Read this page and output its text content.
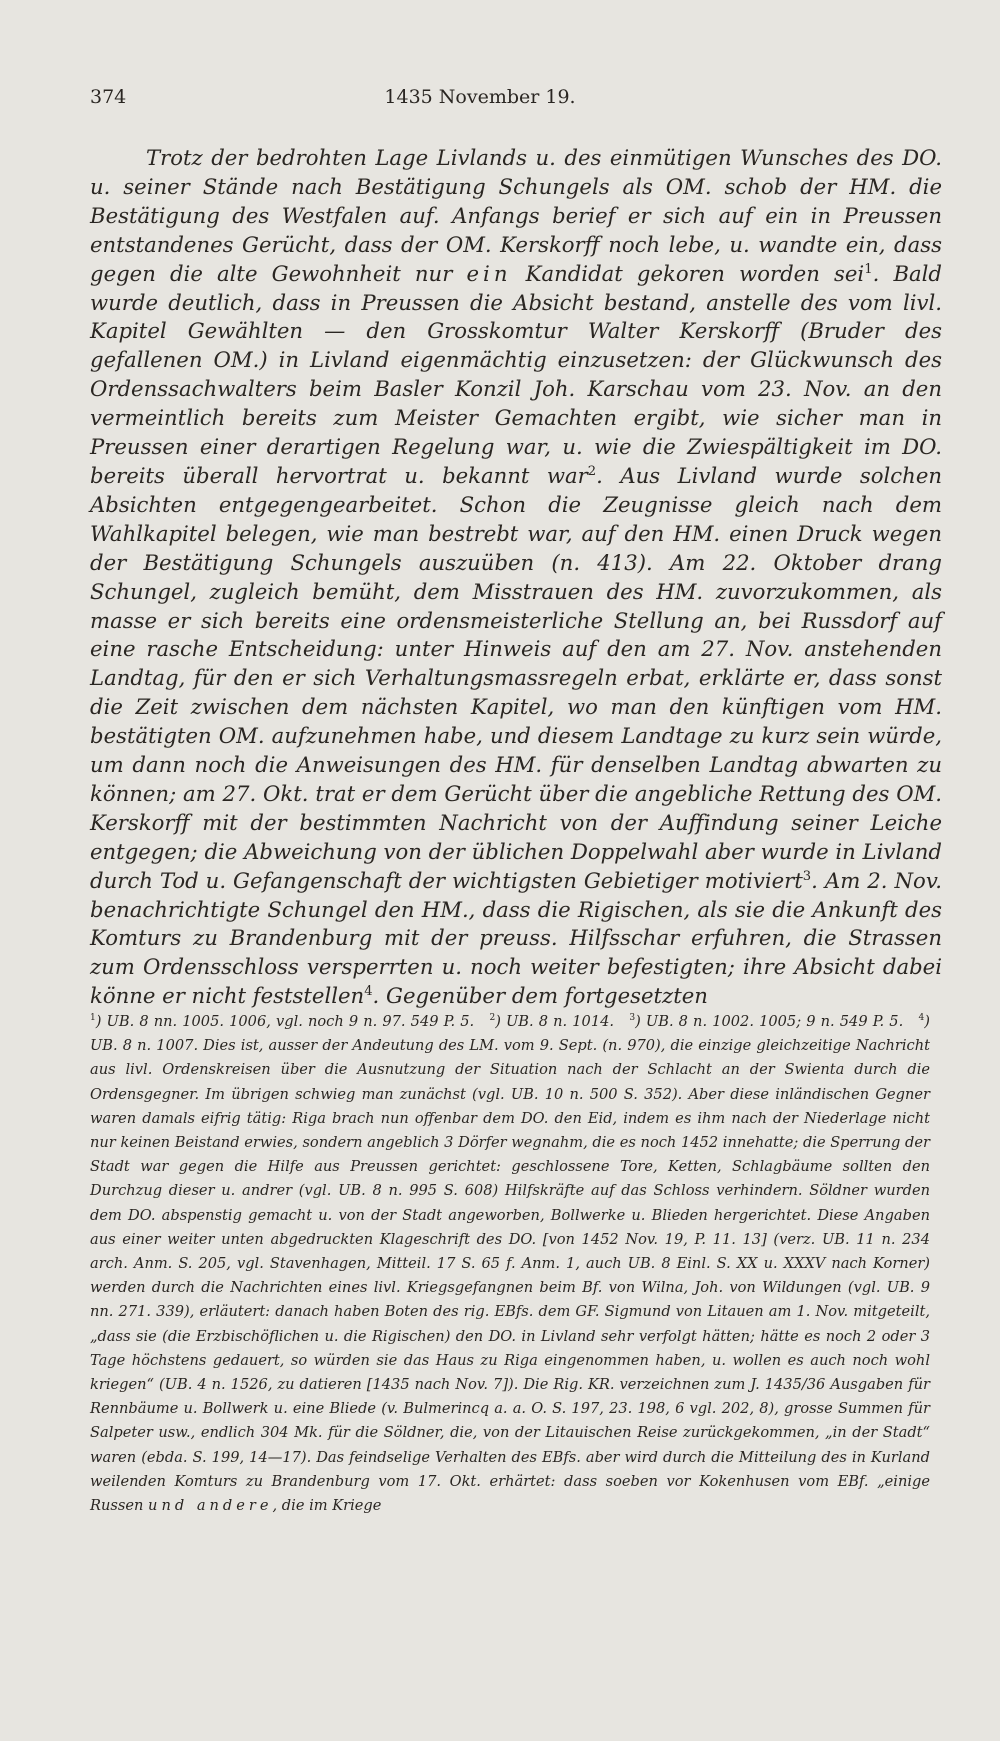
374	1435 November 19.

Trotz der bedrohten Lage Livlands u. des einmütigen Wunsches des DO. u. seiner Stände nach Bestätigung Schungels als OM. schob der HM. die Bestätigung des Westfalen auf. Anfangs berief er sich auf ein in Preussen entstandenes Gerücht, dass der OM. Kerskorff noch lebe, u. wandte ein, dass gegen die alte Gewohnheit nur ein Kandidat gekoren worden sei$^1$. Bald wurde deutlich, dass in Preussen die Absicht bestand, anstelle des vom livl. Kapitel Gewählten — den Grosskomtur Walter Kerskorff (Bruder des gefallenen OM.) in Livland eigenmächtig einzusetzen: der Glückwunsch des Ordenssachwalters beim Basler Konzil Joh. Karschau vom 23. Nov. an den vermeintlich bereits zum Meister Gemachten ergibt, wie sicher man in Preussen einer derartigen Regelung war, u. wie die Zwiespältigkeit im DO. bereits überall hervortrat u. bekannt war$^2$. Aus Livland wurde solchen Absichten entgegengearbeitet. Schon die Zeugnisse gleich nach dem Wahlkapitel belegen, wie man bestrebt war, auf den HM. einen Druck wegen der Bestätigung Schungels auszuüben (n. 413). Am 22. Oktober drang Schungel, zugleich bemüht, dem Misstrauen des HM. zuvorzukommen, als masse er sich bereits eine ordensmeisterliche Stellung an, bei Russdorf auf eine rasche Entscheidung: unter Hinweis auf den am 27. Nov. anstehenden Landtag, für den er sich Verhaltungsmassregeln erbat, erklärte er, dass sonst die Zeit zwischen dem nächsten Kapitel, wo man den künftigen vom HM. bestätigten OM. aufzunehmen habe, und diesem Landtage zu kurz sein würde, um dann noch die Anweisungen des HM. für denselben Landtag abwarten zu können; am 27. Okt. trat er dem Gerücht über die angebliche Rettung des OM. Kerskorff mit der bestimmten Nachricht von der Auffindung seiner Leiche entgegen; die Abweichung von der üblichen Doppelwahl aber wurde in Livland durch Tod u. Gefangenschaft der wichtigsten Gebietiger motiviert$^3$. Am 2. Nov. benachrichtigte Schungel den HM., dass die Rigischen, als sie die Ankunft des Komturs zu Brandenburg mit der preuss. Hilfsschar erfuhren, die Strassen zum Ordensschloss versperrten u. noch weiter befestigten; ihre Absicht dabei könne er nicht feststellen$^4$. Gegenüber dem fortgesetzten

$^1$) UB. 8 nn. 1005. 1006, vgl. noch 9 n. 97. 549 P. 5. $^2$) UB. 8 n. 1014. $^3$) UB. 8 n. 1002. 1005; 9 n. 549 P. 5. $^4$) UB. 8 n. 1007. Dies ist, ausser der Andeutung des LM. vom 9. Sept. (n. 970), die einzige gleichzeitige Nachricht aus livl. Ordenskreisen über die Ausnutzung der Situation nach der Schlacht an der Swienta durch die Ordensgegner. Im übrigen schwieg man zunächst (vgl. UB. 10 n. 500 S. 352). Aber diese inländischen Gegner waren damals eifrig tätig: Riga brach nun offenbar dem DO. den Eid, indem es ihm nach der Niederlage nicht nur keinen Beistand erwies, sondern angeblich 3 Dörfer wegnahm, die es noch 1452 innehatte; die Sperrung der Stadt war gegen die Hilfe aus Preussen gerichtet: geschlossene Tore, Ketten, Schlagbäume sollten den Durchzug dieser u. andrer (vgl. UB. 8 n. 995 S. 608) Hilfskräfte auf das Schloss verhindern. Söldner wurden dem DO. abspenstig gemacht u. von der Stadt angeworben, Bollwerke u. Blieden hergerichtet. Diese Angaben aus einer weiter unten abgedruckten Klageschrift des DO. [von 1452 Nov. 19, P. 11. 13] (verz. UB. 11 n. 234 arch. Anm. S. 205, vgl. Stavenhagen, Mitteil. 17 S. 65 f. Anm. 1, auch UB. 8 Einl. S. XX u. XXXV nach Korner) werden durch die Nachrichten eines livl. Kriegsgefangnen beim Bf. von Wilna, Joh. von Wildungen (vgl. UB. 9 nn. 271. 339), erläutert: danach haben Boten des rig. EBfs. dem GF. Sigmund von Litauen am 1. Nov. mitgeteilt, „dass sie (die Erzbischöflichen u. die Rigischen) den DO. in Livland sehr verfolgt hätten; hätte es noch 2 oder 3 Tage höchstens gedauert, so würden sie das Haus zu Riga eingenommen haben, u. wollen es auch noch wohl kriegen“ (UB. 4 n. 1526, zu datieren [1435 nach Nov. 7]). Die Rig. KR. verzeichnen zum J. 1435/36 Ausgaben für Rennbäume u. Bollwerk u. eine Bliede (v. Bulmerincq a. a. O. S. 197, 23. 198, 6 vgl. 202, 8), grosse Summen für Salpeter usw., endlich 304 Mk. für die Söldner, die, von der Litauischen Reise zurückgekommen, „in der Stadt“ waren (ebda. S. 199, 14—17). Das feindselige Verhalten des EBfs. aber wird durch die Mitteilung des in Kurland weilenden Komturs zu Brandenburg vom 17. Okt. erhärtet: dass soeben vor Kokenhusen vom EBf. „einige Russen und andere, die im Kriege
